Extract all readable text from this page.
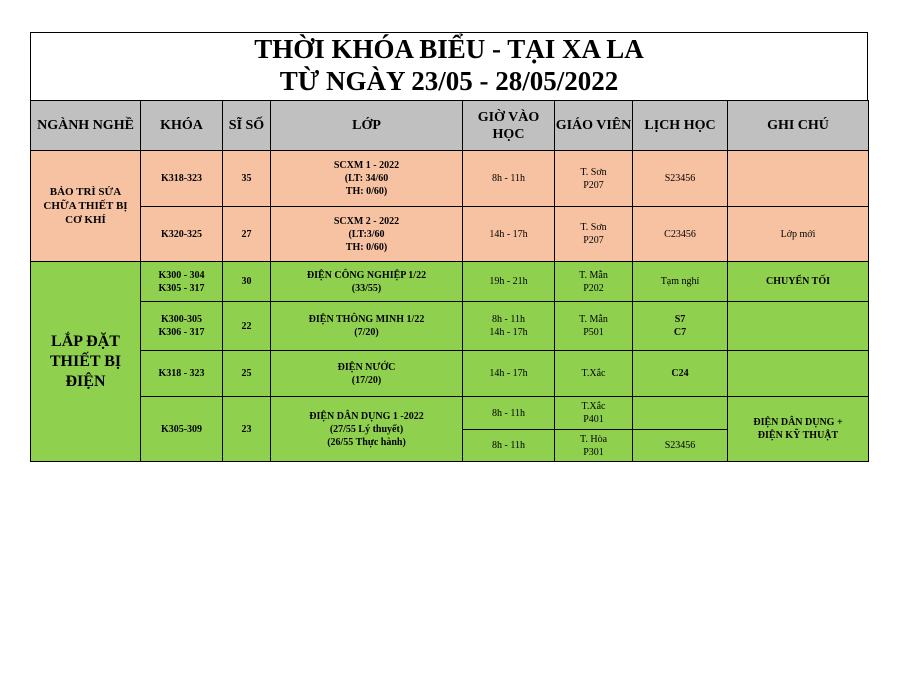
THỜI KHÓA BIỂU - TẠI XA LA
TỪ NGÀY 23/05 - 28/05/2022
NGÀNH NGHỀ	KHÓA	SĨ SỐ	LỚP	GIỜ VÀO HỌC	GIÁO VIÊN	LỊCH HỌC	GHI CHÚ
BẢO TRÌ SỬA CHỮA THIẾT BỊ CƠ KHÍ	K318-323	35	SCXM 1 - 2022
(LT: 34/60
TH: 0/60)	8h - 11h	T. Sơn
P207	S23456	
	K320-325	27	SCXM 2 - 2022
(LT:3/60
TH: 0/60)	14h - 17h	T. Sơn
P207	C23456	Lớp mới
LẮP ĐẶT THIẾT BỊ ĐIỆN	K300 - 304
K305 - 317	30	ĐIỆN CÔNG NGHIỆP 1/22
(33/55)	19h - 21h	T. Mẫn
P202	Tạm nghỉ	CHUYỂN TỐI
	K300-305
K306 - 317	22	ĐIỆN THÔNG MINH 1/22
(7/20)	8h - 11h
14h - 17h	T. Mẫn
P501	S7
C7	
	K318 - 323	25	ĐIỆN NƯỚC
(17/20)	14h - 17h	T.Xắc	C24	
	K305-309	23	ĐIỆN DÂN DỤNG 1 -2022
(27/55 Lý thuyết)
(26/55 Thực hành)	8h - 11h	T.Xắc
P401		ĐIỆN DÂN DỤNG +
ĐIỆN KỸ THUẬT
				8h - 11h	T. Hòa
P301	S23456	
